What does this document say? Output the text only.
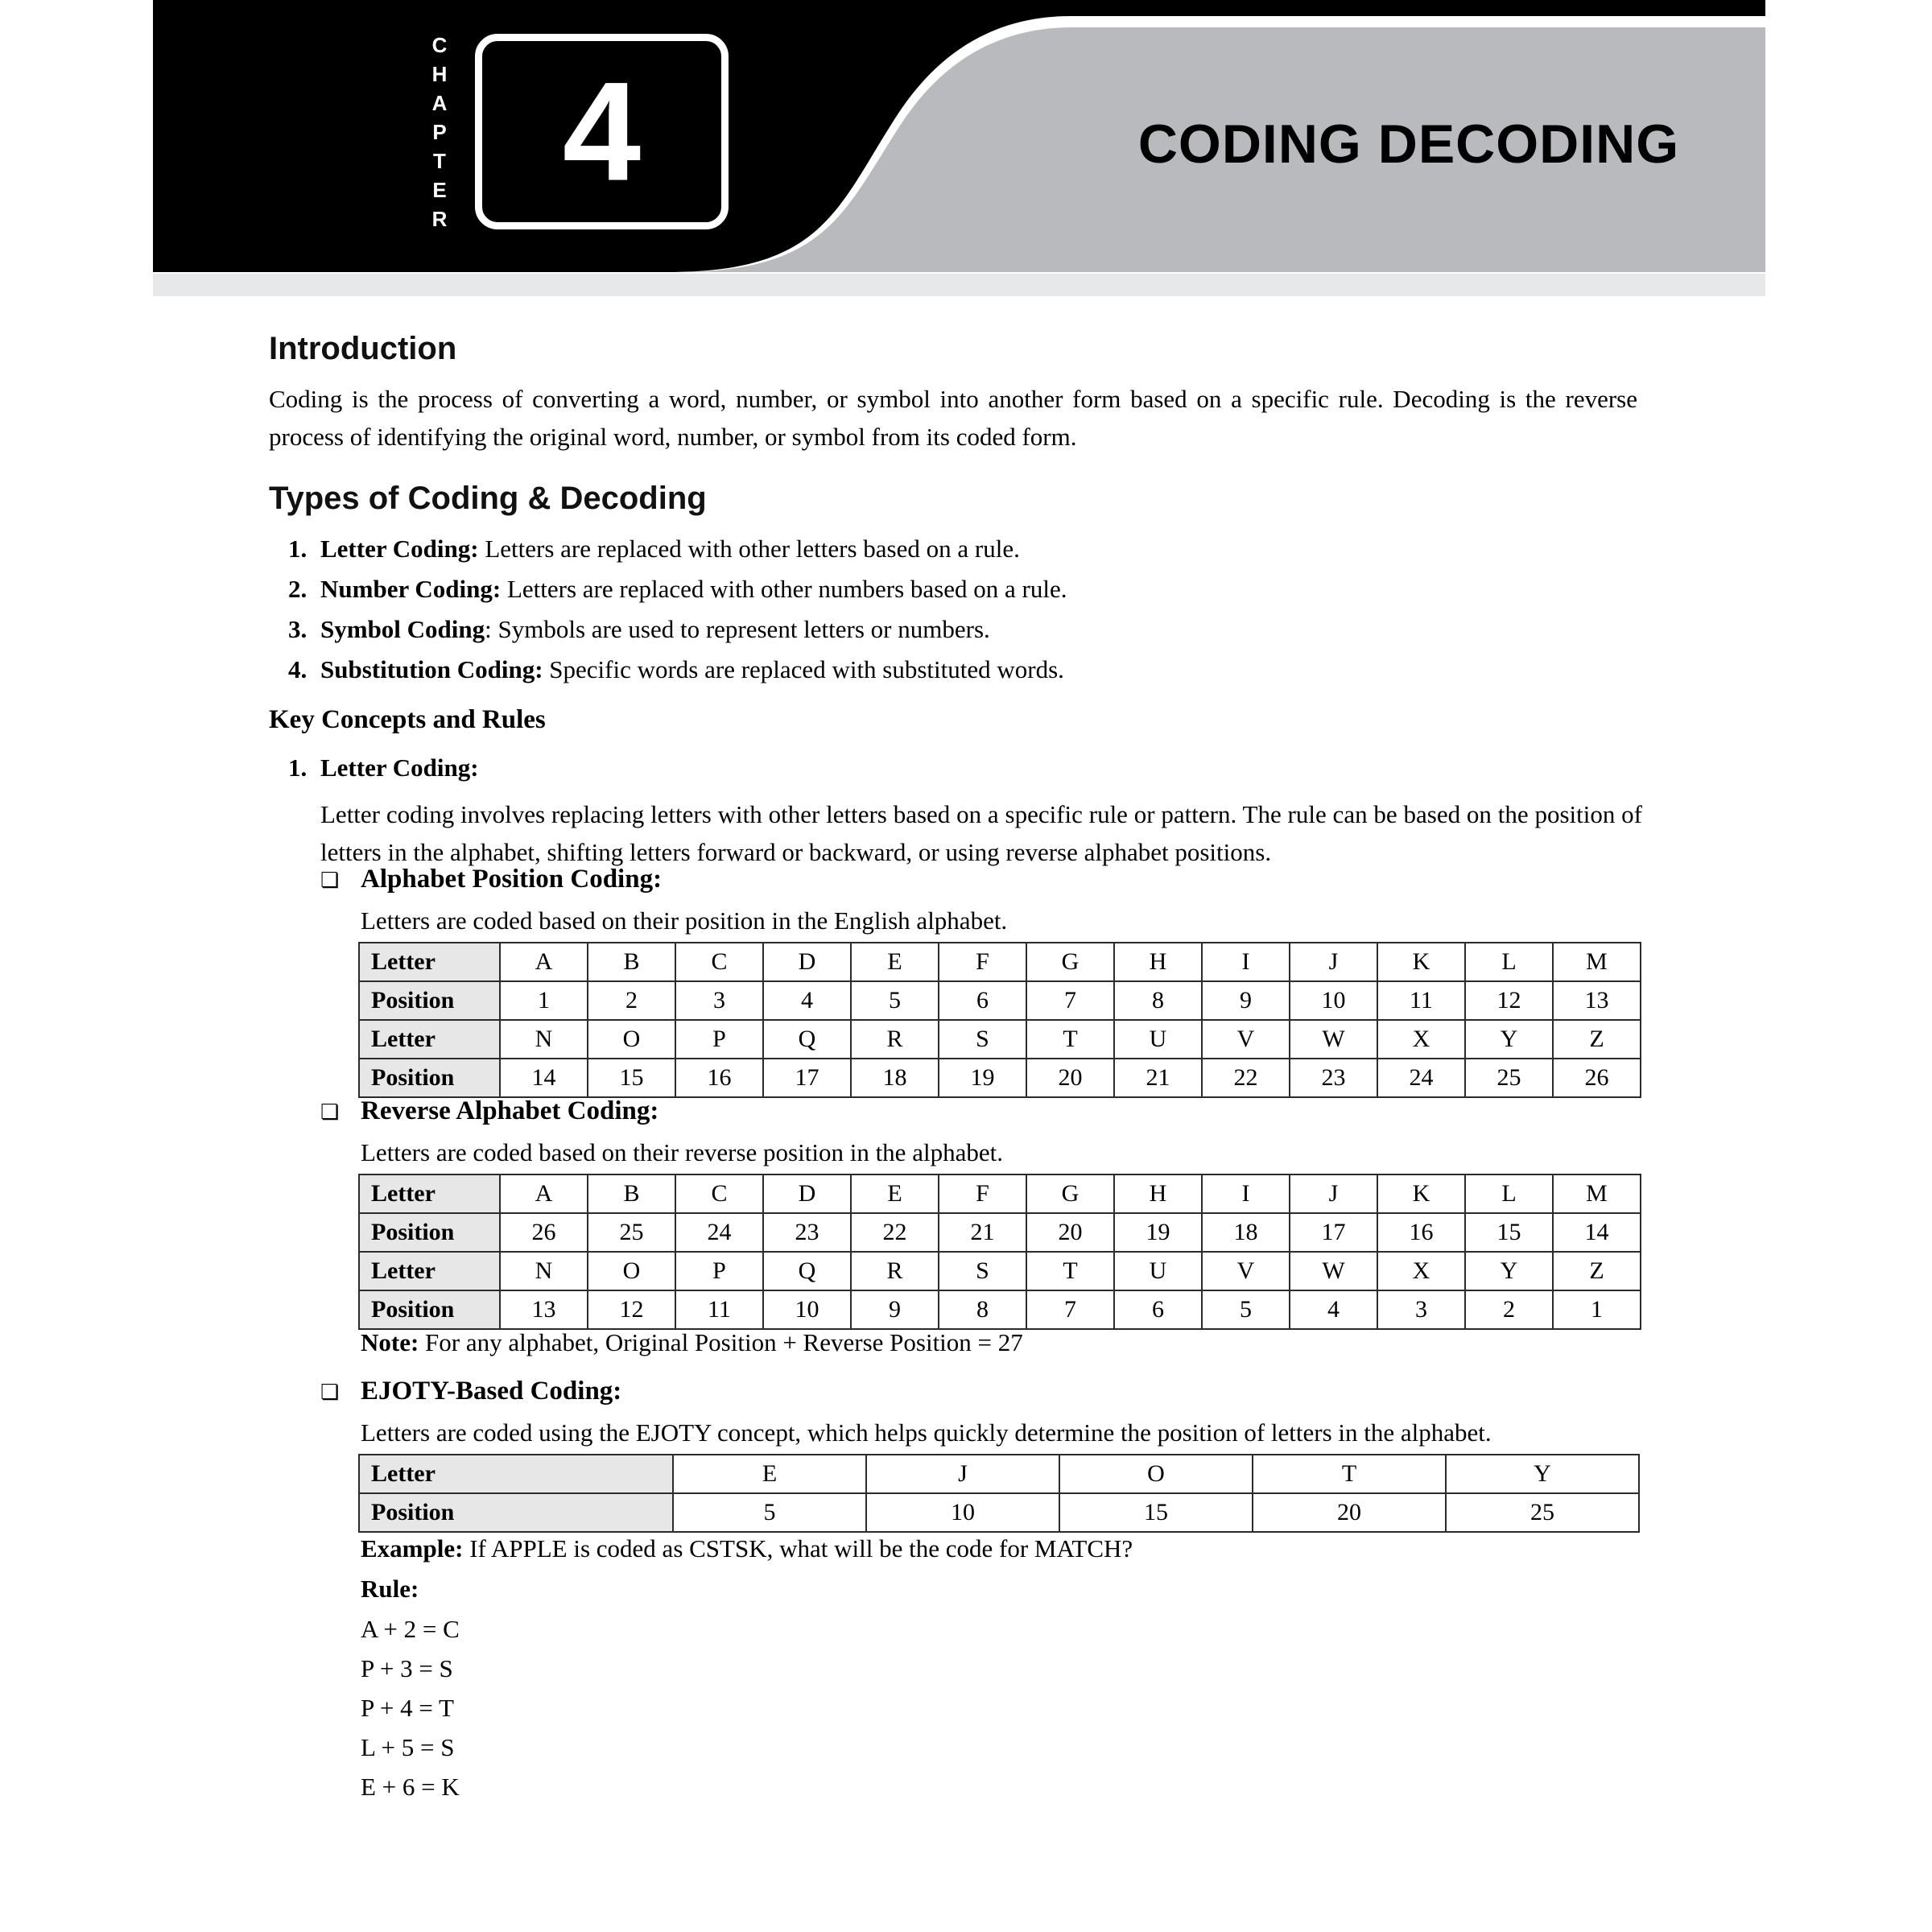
C
H
A
P
T
E
R
4	CODING DECODING
Introduction
Coding is the process of converting a word, number, or symbol into another form based on a specific rule. Decoding is the reverse process of identifying the original word, number, or symbol from its coded form.
Types of Coding & Decoding
1. Letter Coding: Letters are replaced with other letters based on a rule.
2. Number Coding: Letters are replaced with other numbers based on a rule.
3. Symbol Coding: Symbols are used to represent letters or numbers.
4. Substitution Coding: Specific words are replaced with substituted words.
Key Concepts and Rules
1. Letter Coding:
Letter coding involves replacing letters with other letters based on a specific rule or pattern. The rule can be based on the position of letters in the alphabet, shifting letters forward or backward, or using reverse alphabet positions.
❏ Alphabet Position Coding:
Letters are coded based on their position in the English alphabet.
Letter	A	B	C	D	E	F	G	H	I	J	K	L	M
Position	1	2	3	4	5	6	7	8	9	10	11	12	13
Letter	N	O	P	Q	R	S	T	U	V	W	X	Y	Z
Position	14	15	16	17	18	19	20	21	22	23	24	25	26
❏ Reverse Alphabet Coding:
Letters are coded based on their reverse position in the alphabet.
Letter	A	B	C	D	E	F	G	H	I	J	K	L	M
Position	26	25	24	23	22	21	20	19	18	17	16	15	14
Letter	N	O	P	Q	R	S	T	U	V	W	X	Y	Z
Position	13	12	11	10	9	8	7	6	5	4	3	2	1
Note: For any alphabet, Original Position + Reverse Position = 27
❏ EJOTY-Based Coding:
Letters are coded using the EJOTY concept, which helps quickly determine the position of letters in the alphabet.
Letter	E	J	O	T	Y
Position	5	10	15	20	25
Example: If APPLE is coded as CSTSK, what will be the code for MATCH?
Rule:
A + 2 = C
P + 3 = S
P + 4 = T
L + 5 = S
E + 6 = K
